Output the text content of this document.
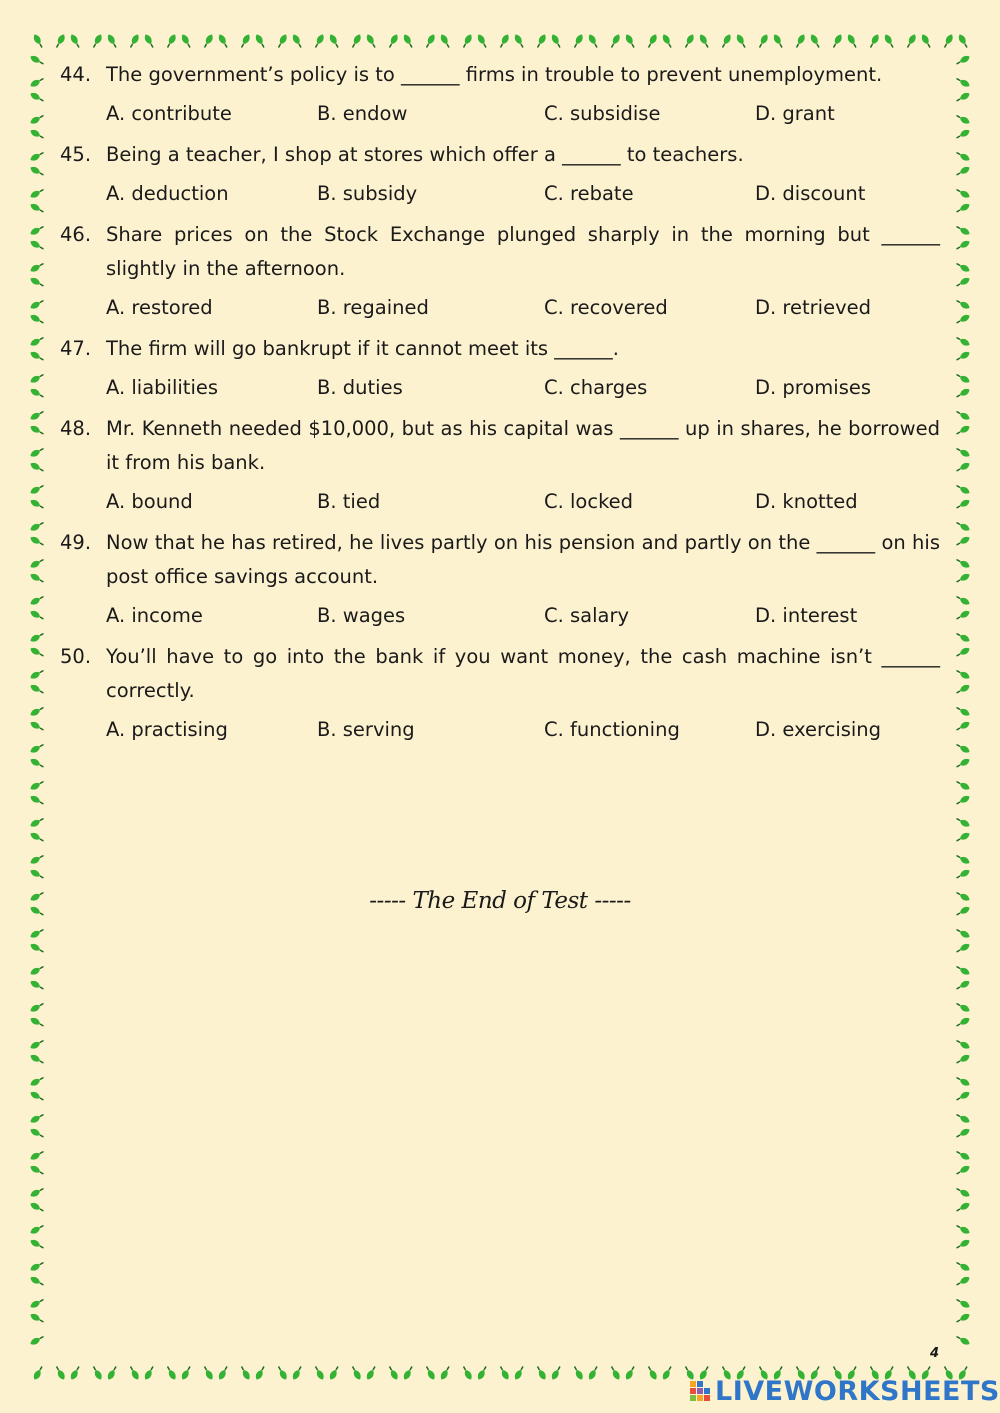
44. The government’s policy is to ______ firms in trouble to prevent unemployment.
A. contribute	B. endow	C. subsidise	D. grant
45. Being a teacher, I shop at stores which offer a ______ to teachers.
A. deduction	B. subsidy	C. rebate	D. discount
46. Share prices on the Stock Exchange plunged sharply in the morning but ______ slightly in the afternoon.
A. restored	B. regained	C. recovered	D. retrieved
47. The firm will go bankrupt if it cannot meet its ______.
A. liabilities	B. duties	C. charges	D. promises
48. Mr. Kenneth needed $10,000, but as his capital was ______ up in shares, he borrowed it from his bank.
A. bound	B. tied	C. locked	D. knotted
49. Now that he has retired, he lives partly on his pension and partly on the ______ on his post office savings account.
A. income	B. wages	C. salary	D. interest
50. You’ll have to go into the bank if you want money, the cash machine isn’t ______ correctly.
A. practising	B. serving	C. functioning	D. exercising
----- The End of Test -----
4
LIVEWORKSHEETS
